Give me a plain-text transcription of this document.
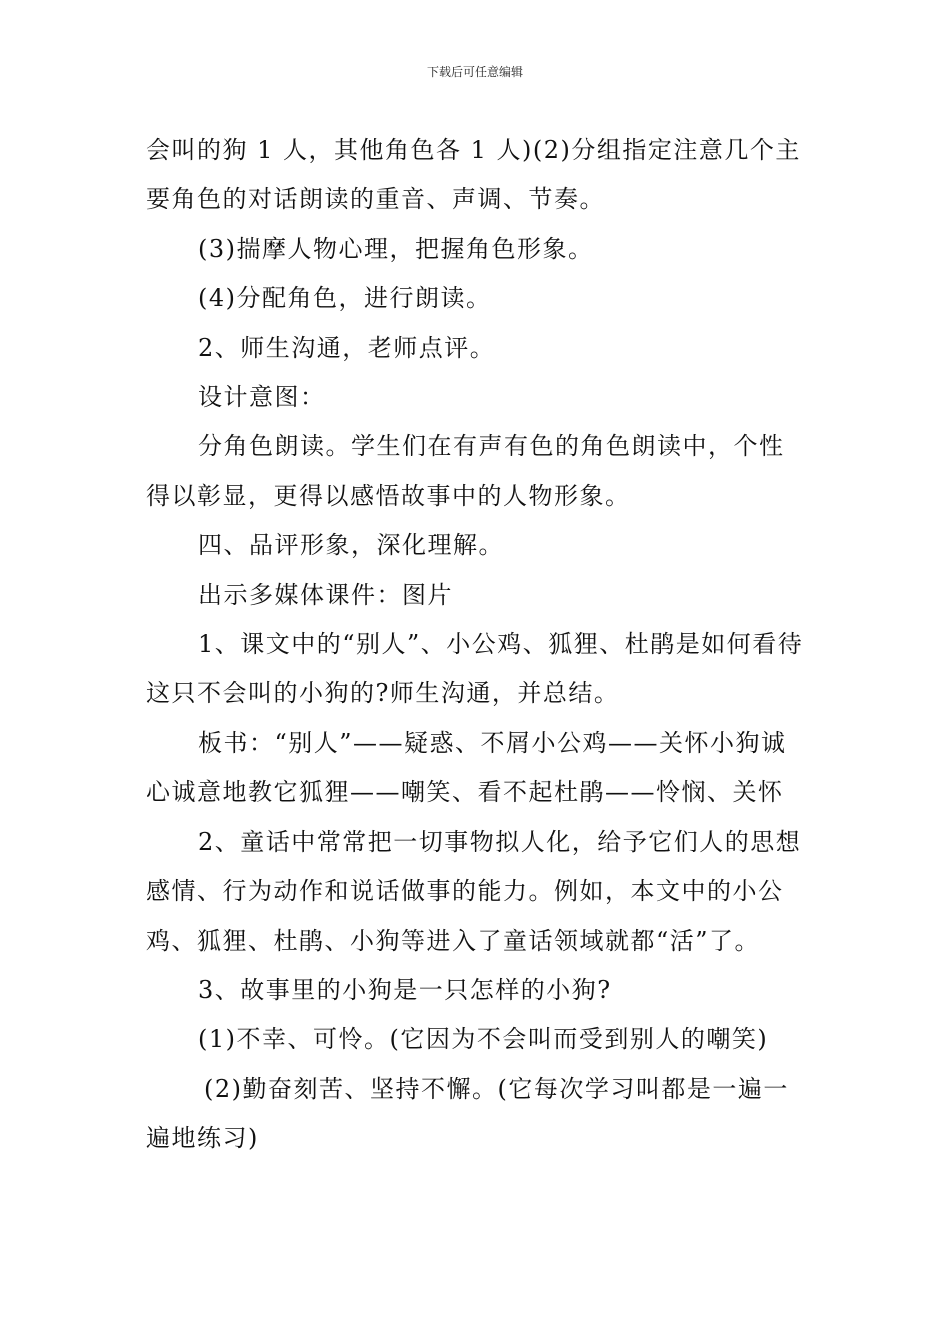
下载后可任意编辑

会叫的狗 1 人，其他角色各 1 人)(2)分组指定注意几个主要角色的对话朗读的重音、声调、节奏。

(3)揣摩人物心理，把握角色形象。

(4)分配角色，进行朗读。

2、师生沟通，老师点评。

设计意图：

分角色朗读。学生们在有声有色的角色朗读中，个性得以彰显，更得以感悟故事中的人物形象。

四、品评形象，深化理解。

出示多媒体课件：图片

1、课文中的“别人”、小公鸡、狐狸、杜鹃是如何看待这只不会叫的小狗的?师生沟通，并总结。

板书：“别人”——疑惑、不屑小公鸡——关怀小狗诚心诚意地教它狐狸——嘲笑、看不起杜鹃——怜悯、关怀

2、童话中常常把一切事物拟人化，给予它们人的思想感情、行为动作和说话做事的能力。例如，本文中的小公鸡、狐狸、杜鹃、小狗等进入了童话领域就都“活”了。

3、故事里的小狗是一只怎样的小狗?

(1)不幸、可怜。(它因为不会叫而受到别人的嘲笑)

(2)勤奋刻苦、坚持不懈。(它每次学习叫都是一遍一遍地练习)
